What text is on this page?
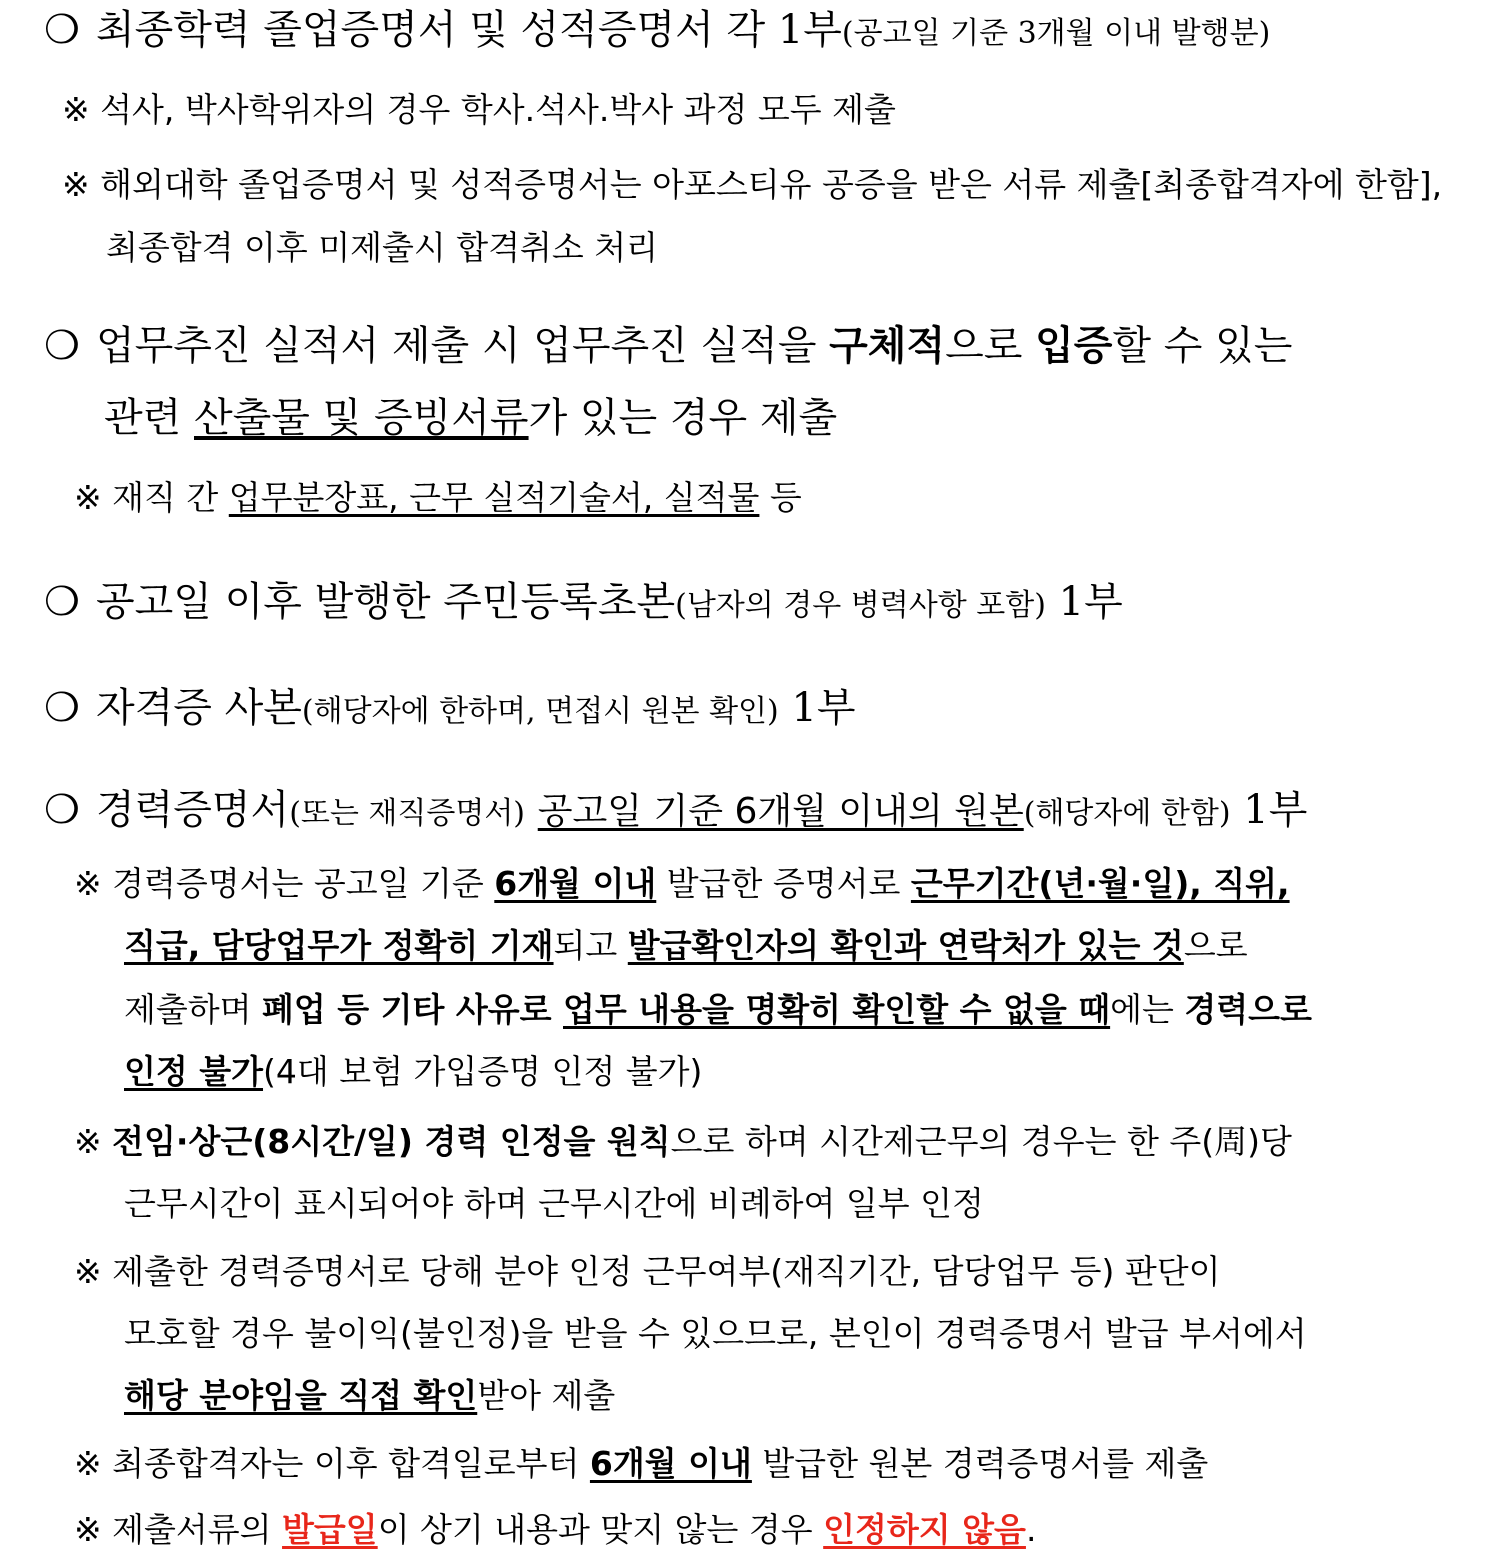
❍ 최종학력 졸업증명서 및 성적증명서 각 1부(공고일 기준 3개월 이내 발행분)
※ 석사, 박사학위자의 경우 학사.석사.박사 과정 모두 제출
※ 해외대학 졸업증명서 및 성적증명서는 아포스티유 공증을 받은 서류 제출[최종합격자에 한함],
최종합격 이후 미제출시 합격취소 처리
❍ 업무추진 실적서 제출 시 업무추진 실적을 구체적으로 입증할 수 있는
관련 산출물 및 증빙서류가 있는 경우 제출
※ 재직 간 업무분장표, 근무 실적기술서, 실적물 등
❍ 공고일 이후 발행한 주민등록초본(남자의 경우 병력사항 포함) 1부
❍ 자격증 사본(해당자에 한하며, 면접시 원본 확인) 1부
❍ 경력증명서(또는 재직증명서) 공고일 기준 6개월 이내의 원본(해당자에 한함) 1부
※ 경력증명서는 공고일 기준 6개월 이내 발급한 증명서로 근무기간(년·월·일), 직위,
직급, 담당업무가 정확히 기재되고 발급확인자의 확인과 연락처가 있는 것으로
제출하며 폐업 등 기타 사유로 업무 내용을 명확히 확인할 수 없을 때에는 경력으로
인정 불가(4대 보험 가입증명 인정 불가)
※ 전임·상근(8시간/일) 경력 인정을 원칙으로 하며 시간제근무의 경우는 한 주(周)당
근무시간이 표시되어야 하며 근무시간에 비례하여 일부 인정
※ 제출한 경력증명서로 당해 분야 인정 근무여부(재직기간, 담당업무 등) 판단이
모호할 경우 불이익(불인정)을 받을 수 있으므로, 본인이 경력증명서 발급 부서에서
해당 분야임을 직접 확인받아 제출
※ 최종합격자는 이후 합격일로부터 6개월 이내 발급한 원본 경력증명서를 제출
※ 제출서류의 발급일이 상기 내용과 맞지 않는 경우 인정하지 않음.
